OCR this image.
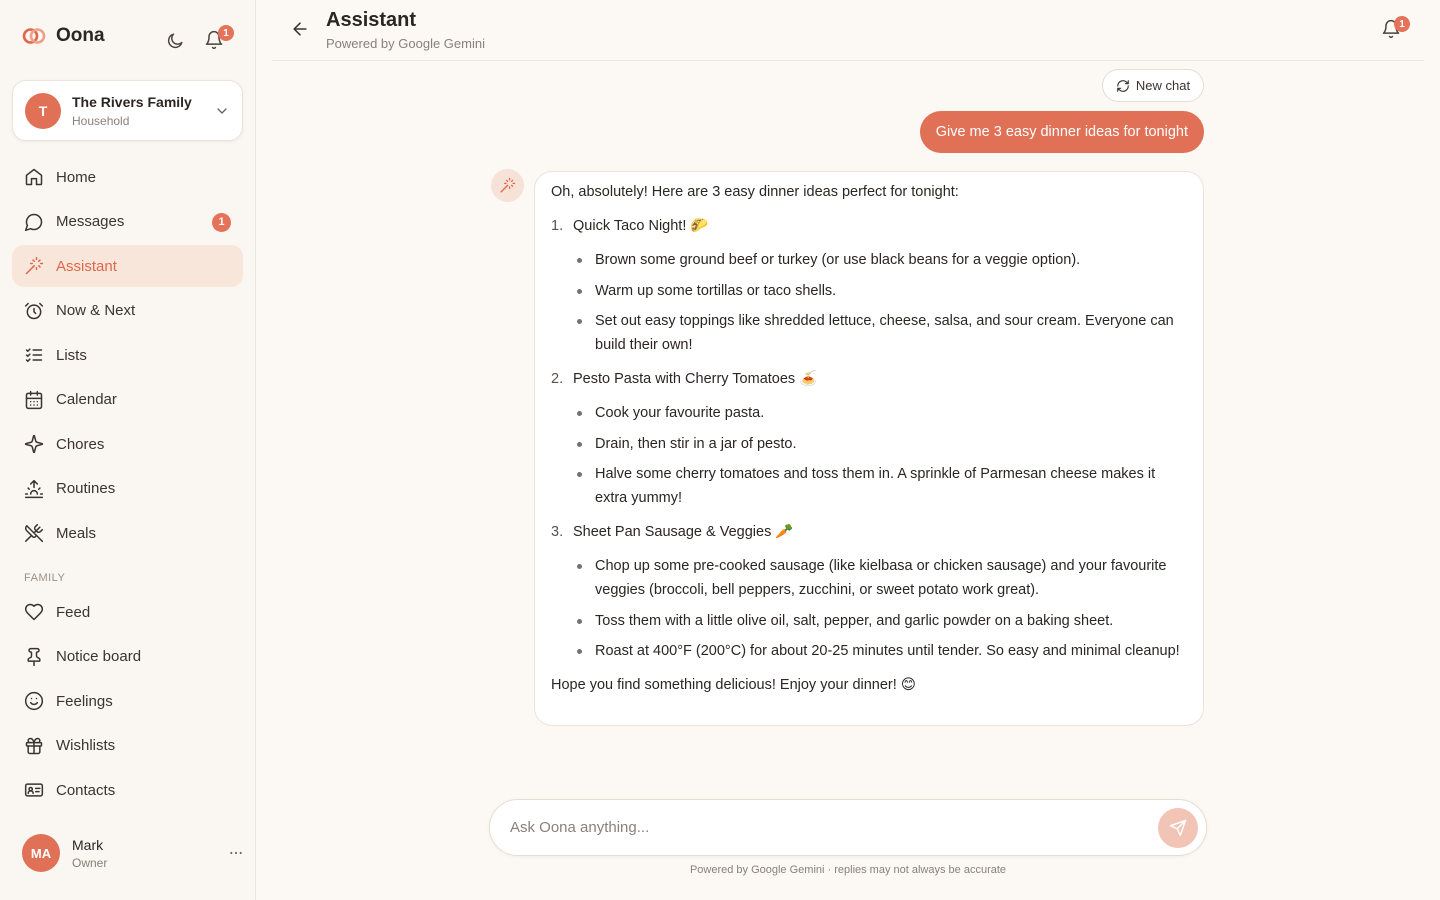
Oona	1
T
The Rivers Family
Household
Home
Messages	1
Assistant
Now & Next
Lists
Calendar
Chores
Routines
Meals
FAMILY
Feed
Notice board
Feelings
Wishlists
Contacts
MA
Mark
Owner
Assistant
Powered by Google Gemini
1
New chat
Give me 3 easy dinner ideas for tonight
Oh, absolutely! Here are 3 easy dinner ideas perfect for tonight:
1. Quick Taco Night! 🌮
Brown some ground beef or turkey (or use black beans for a veggie option).
Warm up some tortillas or taco shells.
Set out easy toppings like shredded lettuce, cheese, salsa, and sour cream. Everyone can build their own!
2. Pesto Pasta with Cherry Tomatoes 🍝
Cook your favourite pasta.
Drain, then stir in a jar of pesto.
Halve some cherry tomatoes and toss them in. A sprinkle of Parmesan cheese makes it extra yummy!
3. Sheet Pan Sausage & Veggies 🥕
Chop up some pre-cooked sausage (like kielbasa or chicken sausage) and your favourite veggies (broccoli, bell peppers, zucchini, or sweet potato work great).
Toss them with a little olive oil, salt, pepper, and garlic powder on a baking sheet.
Roast at 400°F (200°C) for about 20-25 minutes until tender. So easy and minimal cleanup!
Hope you find something delicious! Enjoy your dinner! 😊
Ask Oona anything...
Powered by Google Gemini · replies may not always be accurate
